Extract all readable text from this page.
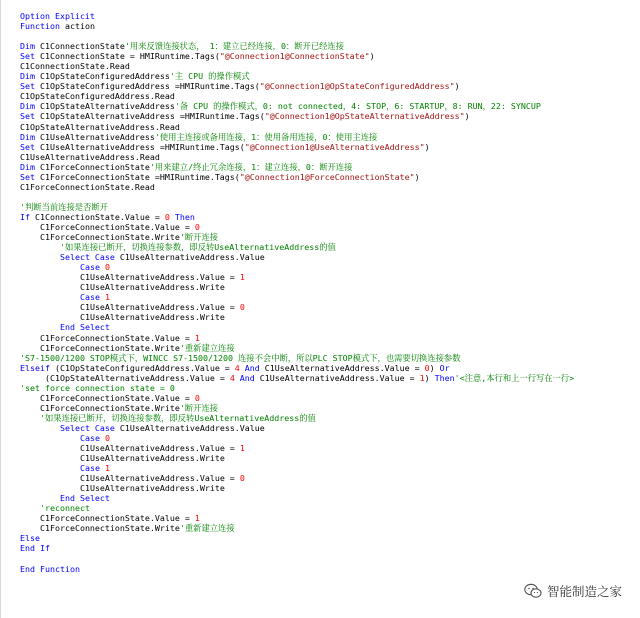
Option Explicit
Function action

Dim C1ConnectionState'用来反馈连接状态， 1：建立已经连接，0：断开已经连接
Set C1ConnectionState = HMIRuntime.Tags("@Connection1@ConnectionState")
C1ConnectionState.Read
Dim C1OpStateConfiguredAddress'主 CPU 的操作模式
Set C1OpStateConfiguredAddress =HMIRuntime.Tags("@Connection1@OpStateConfiguredAddress")
C1OpStateConfiguredAddress.Read
Dim C1OpStateAlternativeAddress'备 CPU 的操作模式，0: not connected，4: STOP，6: STARTUP，8: RUN，22: SYNCUP
Set C1OpStateAlternativeAddress =HMIRuntime.Tags("@Connection1@OpStateAlternativeAddress")
C1OpStateAlternativeAddress.Read
Dim C1UseAlternativeAddress'使用主连接或备用连接，1：使用备用连接，0：使用主连接
Set C1UseAlternativeAddress =HMIRuntime.Tags("@Connection1@UseAlternativeAddress")
C1UseAlternativeAddress.Read
Dim C1ForceConnectionState'用来建立/终止冗余连接，1：建立连接，0：断开连接
Set C1ForceConnectionState =HMIRuntime.Tags("@Connection1@ForceConnectionState")
C1ForceConnectionState.Read

'判断当前连接是否断开
If C1ConnectionState.Value = 0 Then
C1ForceConnectionState.Value = 0
C1ForceConnectionState.Write'断开连接
'如果连接已断开，切换连接参数，即反转UseAlternativeAddress的值
Select Case C1UseAlternativeAddress.Value
Case 0
C1UseAlternativeAddress.Value = 1
C1UseAlternativeAddress.Write
Case 1
C1UseAlternativeAddress.Value = 0
C1UseAlternativeAddress.Write
End Select
C1ForceConnectionState.Value = 1
C1ForceConnectionState.Write'重新建立连接
'S7-1500/1200 STOP模式下，WINCC S7-1500/1200 连接不会中断，所以PLC STOP模式下，也需要切换连接参数
Elseif (C1OpStateConfiguredAddress.Value = 4 And C1UseAlternativeAddress.Value = 0) Or
(C1OpStateAlternativeAddress.Value = 4 And C1UseAlternativeAddress.Value = 1) Then'<注意,本行和上一行写在一行>
'set force connection state = 0
C1ForceConnectionState.Value = 0
C1ForceConnectionState.Write'断开连接
'如果连接已断开，切换连接参数，即反转UseAlternativeAddress的值
Select Case C1UseAlternativeAddress.Value
Case 0
C1UseAlternativeAddress.Value = 1
C1UseAlternativeAddress.Write
Case 1
C1UseAlternativeAddress.Value = 0
C1UseAlternativeAddress.Write
End Select
'reconnect
C1ForceConnectionState.Value = 1
C1ForceConnectionState.Write'重新建立连接
Else
End If

End Function
智能制造之家
